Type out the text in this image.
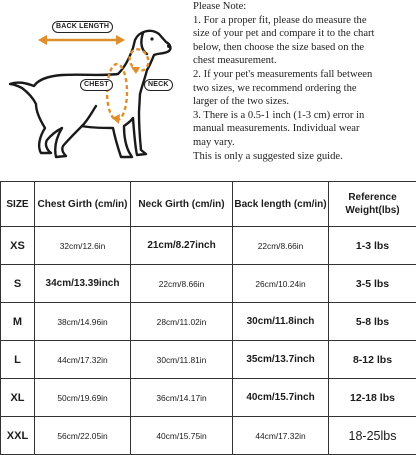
BACK LENGTH
CHEST	NECK
Please Note:
1. For a proper fit, please do measure the
size of your pet and compare it to the chart
below, then choose the size based on the
chest measurement.
2. If your pet's measurements fall between
two sizes, we recommend ordering the
larger of the two sizes.
3. There is a 0.5-1 inch (1-3 cm) error in
manual measurements. Individual wear
may vary.
This is only a suggested size guide.
SIZE	Chest Girth (cm/in)	Neck Girth (cm/in)	Back length (cm/in)	Reference Weight(lbs)
XS	32cm/12.6in	21cm/8.27inch	22cm/8.66in	1-3 lbs
S	34cm/13.39inch	22cm/8.66in	26cm/10.24in	3-5 lbs
M	38cm/14.96in	28cm/11.02in	30cm/11.8inch	5-8 lbs
L	44cm/17.32in	30cm/11.81in	35cm/13.7inch	8-12 lbs
XL	50cm/19.69in	36cm/14.17in	40cm/15.7inch	12-18 lbs
XXL	56cm/22.05in	40cm/15.75in	44cm/17.32in	18-25lbs
